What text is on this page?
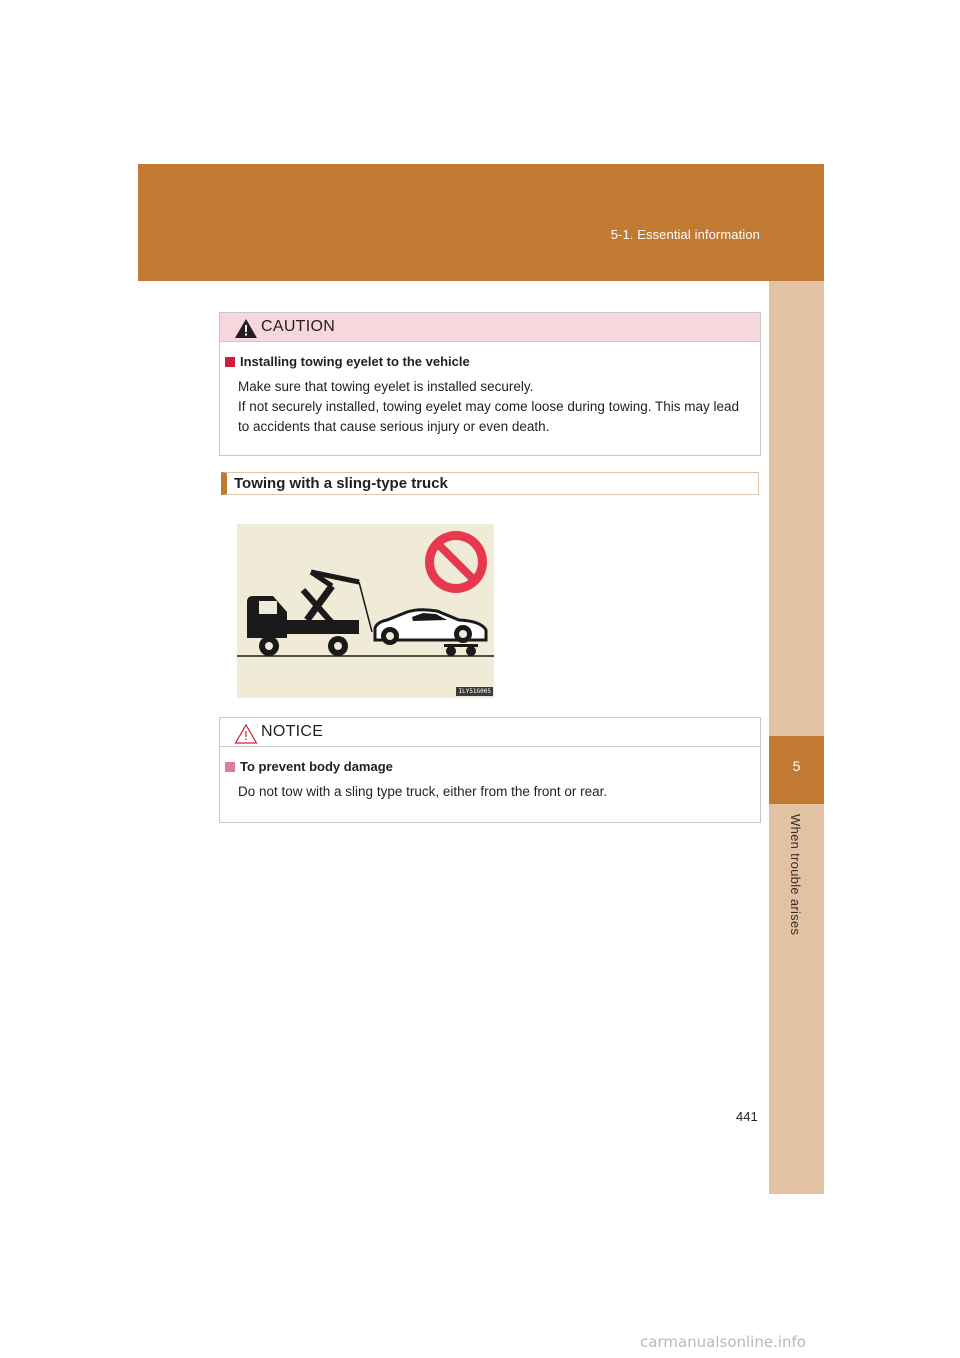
5-1. Essential information
5
When trouble arises
CAUTION
Installing towing eyelet to the vehicle
Make sure that towing eyelet is installed securely.
If not securely installed, towing eyelet may come loose during towing. This may lead
to accidents that cause serious injury or even death.
Towing with a sling-type truck
ILY51G005
NOTICE
To prevent body damage
Do not tow with a sling type truck, either from the front or rear.
441
carmanualsonline.info
